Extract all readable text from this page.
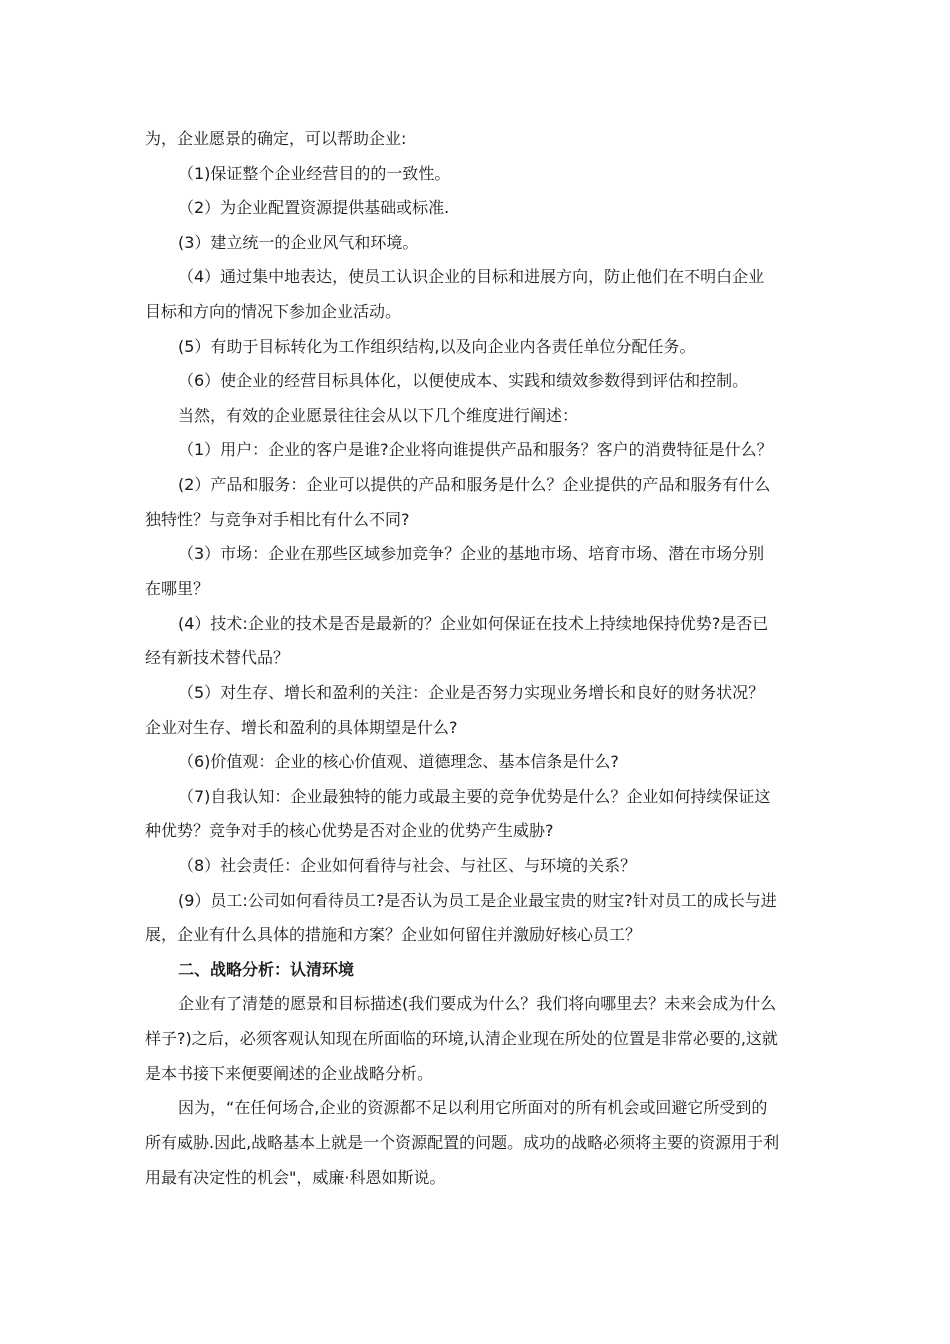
为，企业愿景的确定，可以帮助企业:
（1)保证整个企业经营目的的一致性。
（2）为企业配置资源提供基础或标准.
(3）建立统一的企业风气和环境。
（4）通过集中地表达，使员工认识企业的目标和进展方向，防止他们在不明白企业
目标和方向的情况下参加企业活动。
(5）有助于目标转化为工作组织结构,以及向企业内各责任单位分配任务。
（6）使企业的经营目标具体化，以便使成本、实践和绩效参数得到评估和控制。
当然，有效的企业愿景往往会从以下几个维度进行阐述：
（1）用户：企业的客户是谁?企业将向谁提供产品和服务？客户的消费特征是什么？
(2）产品和服务：企业可以提供的产品和服务是什么？企业提供的产品和服务有什么
独特性？与竞争对手相比有什么不同?
（3）市场：企业在那些区域参加竞争？企业的基地市场、培育市场、潜在市场分别
在哪里？
(4）技术:企业的技术是否是最新的？企业如何保证在技术上持续地保持优势?是否已
经有新技术替代品？
（5）对生存、增长和盈利的关注：企业是否努力实现业务增长和良好的财务状况？
企业对生存、增长和盈利的具体期望是什么?
（6)价值观：企业的核心价值观、道德理念、基本信条是什么?
（7)自我认知：企业最独特的能力或最主要的竞争优势是什么？企业如何持续保证这
种优势？竞争对手的核心优势是否对企业的优势产生威胁?
（8）社会责任：企业如何看待与社会、与社区、与环境的关系？
(9）员工:公司如何看待员工?是否认为员工是企业最宝贵的财宝?针对员工的成长与进
展，企业有什么具体的措施和方案？企业如何留住并激励好核心员工？
二、战略分析：认清环境
企业有了清楚的愿景和目标描述(我们要成为什么？我们将向哪里去？未来会成为什么
样子?)之后，必须客观认知现在所面临的环境,认清企业现在所处的位置是非常必要的,这就
是本书接下来便要阐述的企业战略分析。
因为，“在任何场合,企业的资源都不足以利用它所面对的所有机会或回避它所受到的
所有威胁.因此,战略基本上就是一个资源配置的问题。成功的战略必须将主要的资源用于利
用最有决定性的机会"，威廉·科恩如斯说。
